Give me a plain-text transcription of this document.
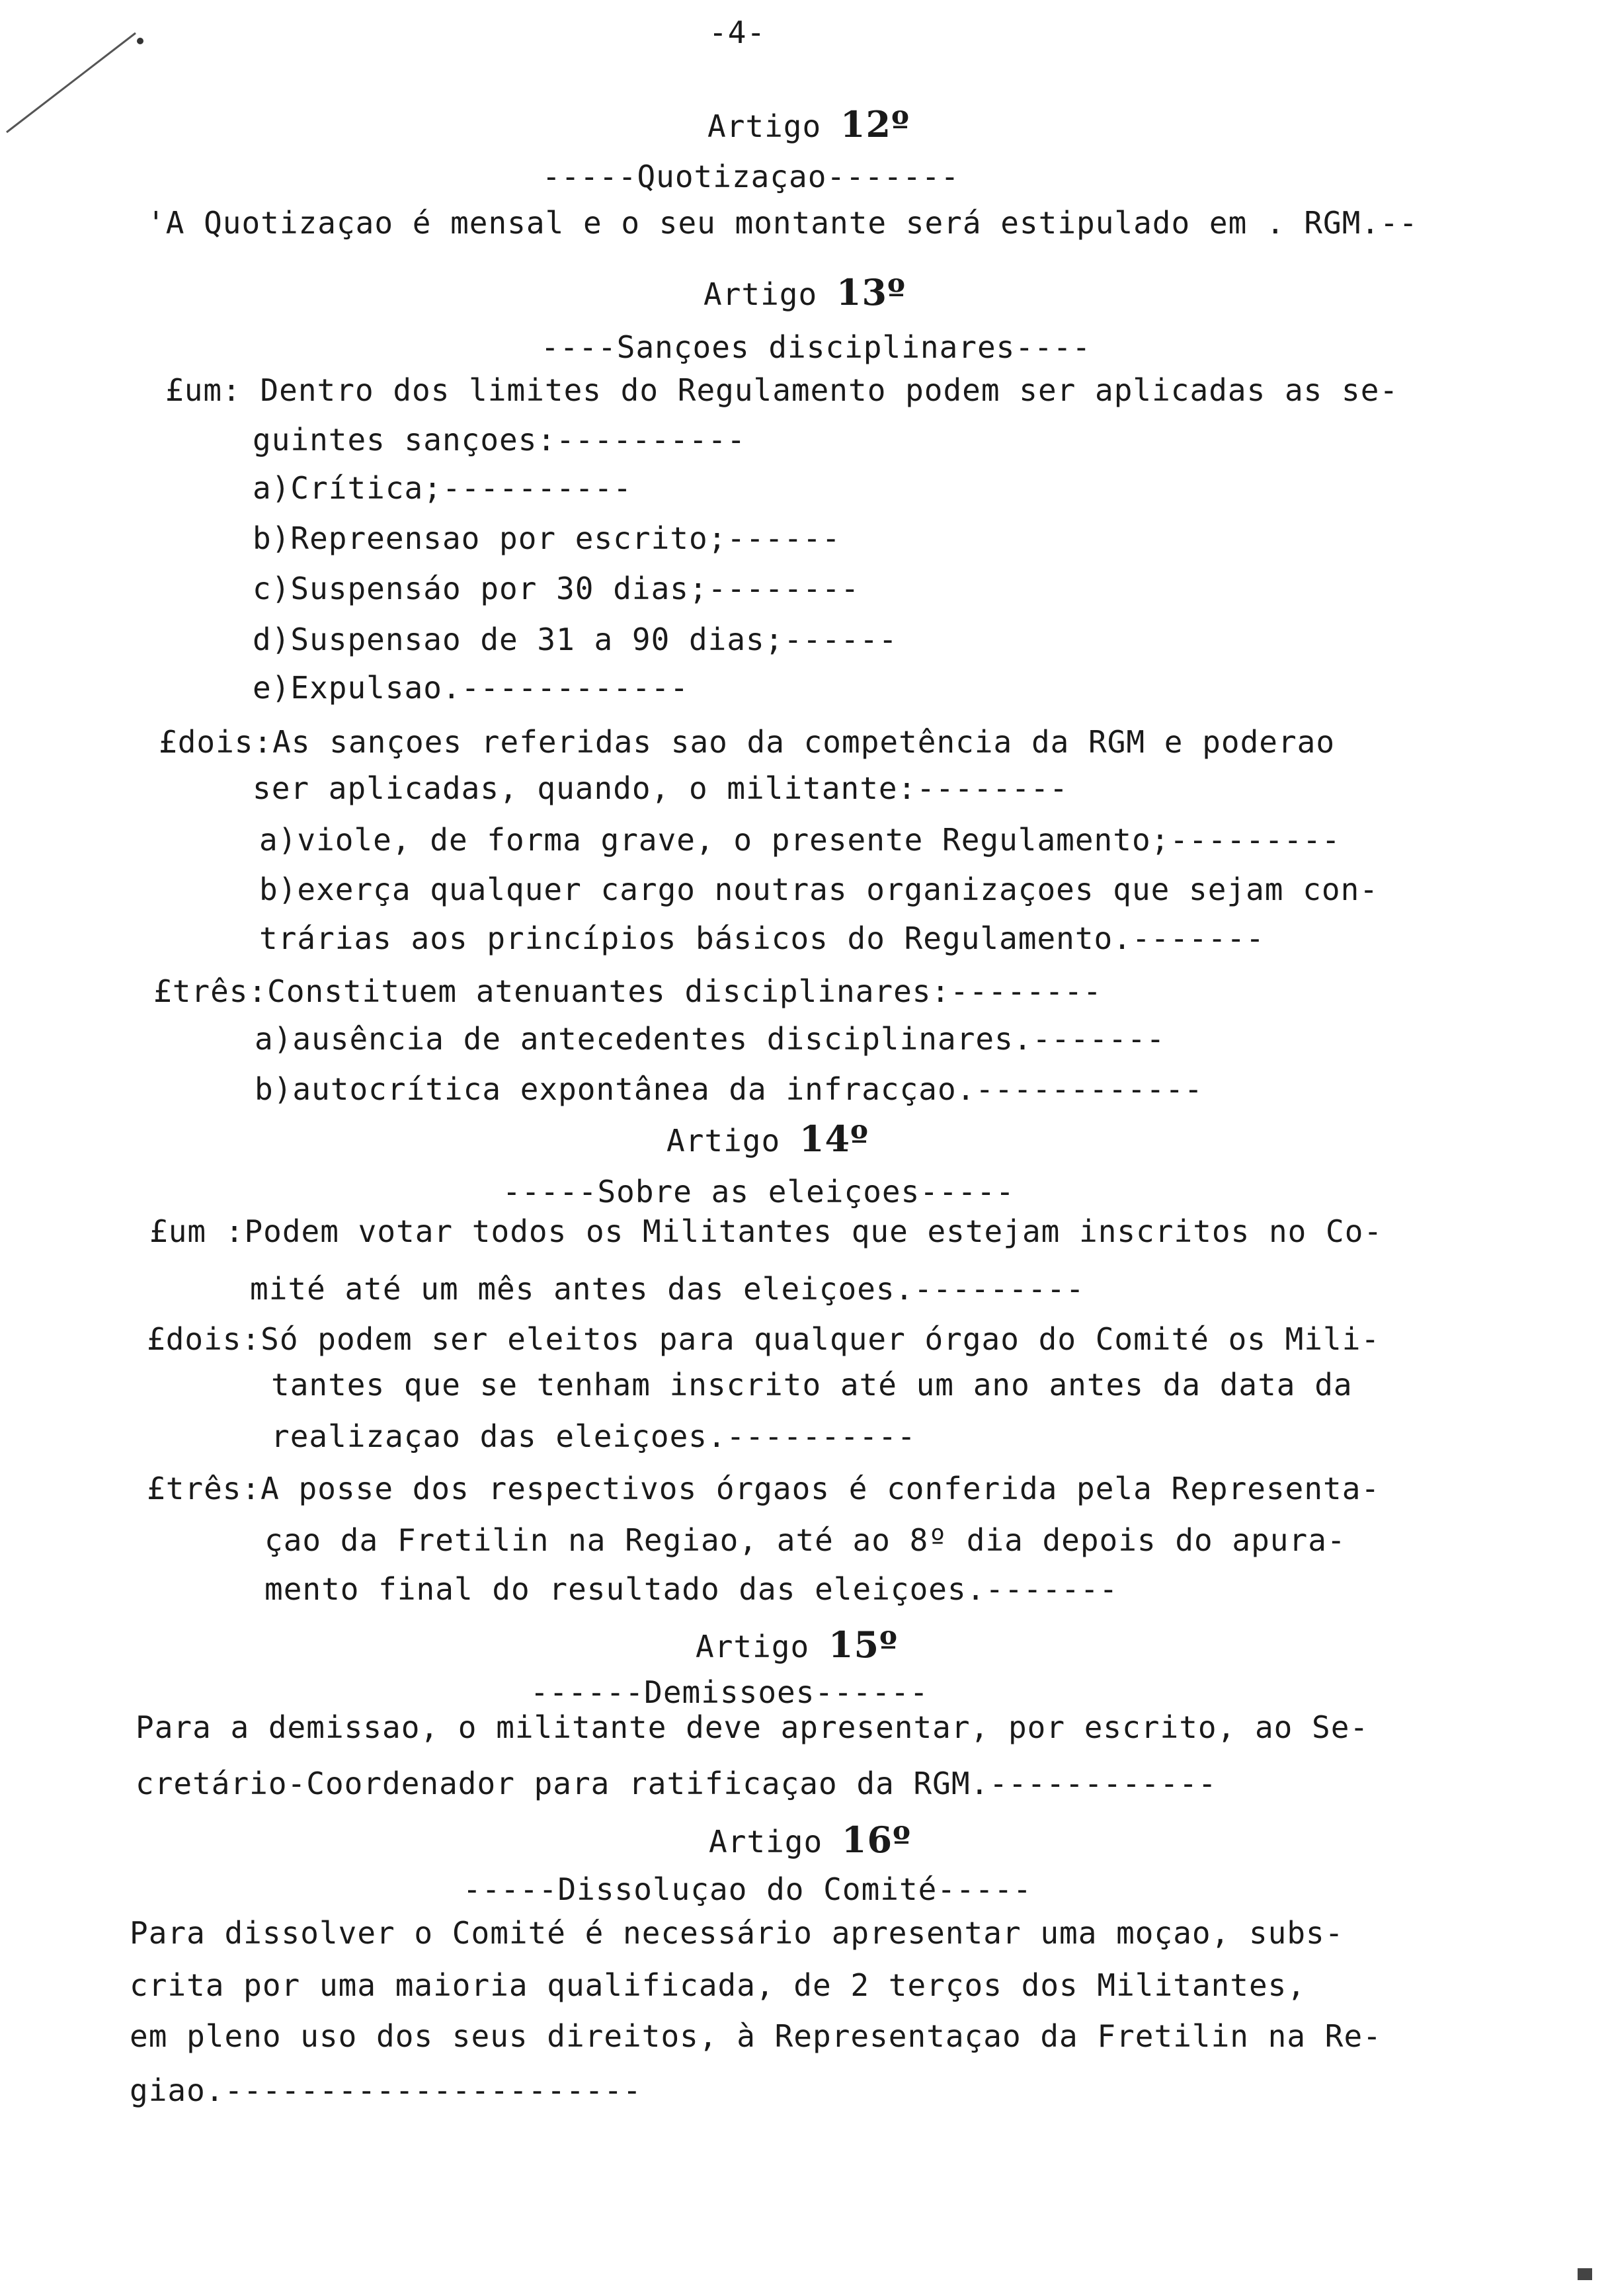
-4-
Artigo 12º
-----Quotizaçao-------
'A Quotizaçao é mensal e o seu montante será estipulado em . RGM.--
Artigo 13º
----Sançoes disciplinares----
£um: Dentro dos limites do Regulamento podem ser aplicadas as se-
guintes sançoes:----------
a)Crítica;----------
b)Repreensao por escrito;------
c)Suspensáo por 30 dias;--------
d)Suspensao de 31 a 90 dias;------
e)Expulsao.------------
£dois:As sançoes referidas sao da competência da RGM e poderao
ser aplicadas, quando, o militante:--------
a)viole, de forma grave, o presente Regulamento;---------
b)exerça qualquer cargo noutras organizaçoes que sejam con-
trárias aos princípios básicos do Regulamento.-------
£três:Constituem atenuantes disciplinares:--------
a)ausência de antecedentes disciplinares.-------
b)autocrítica expontânea da infracçao.------------
Artigo 14º
-----Sobre as eleiçoes-----
£um :Podem votar todos os Militantes que estejam inscritos no Co-
mité até um mês antes das eleiçoes.---------
£dois:Só podem ser eleitos para qualquer órgao do Comité os Mili-
tantes que se tenham inscrito até um ano antes da data da
realizaçao das eleiçoes.----------
£três:A posse dos respectivos órgaos é conferida pela Representa-
çao da Fretilin na Regiao, até ao 8º dia depois do apura-
mento final do resultado das eleiçoes.-------
Artigo 15º
------Demissoes------
Para a demissao, o militante deve apresentar, por escrito, ao Se-
cretário-Coordenador para ratificaçao da RGM.------------
Artigo 16º
-----Dissoluçao do Comité-----
Para dissolver o Comité é necessário apresentar uma moçao, subs-
crita por uma maioria qualificada, de 2 terços dos Militantes,
em pleno uso dos seus direitos, à Representaçao da Fretilin na Re-
giao.----------------------
